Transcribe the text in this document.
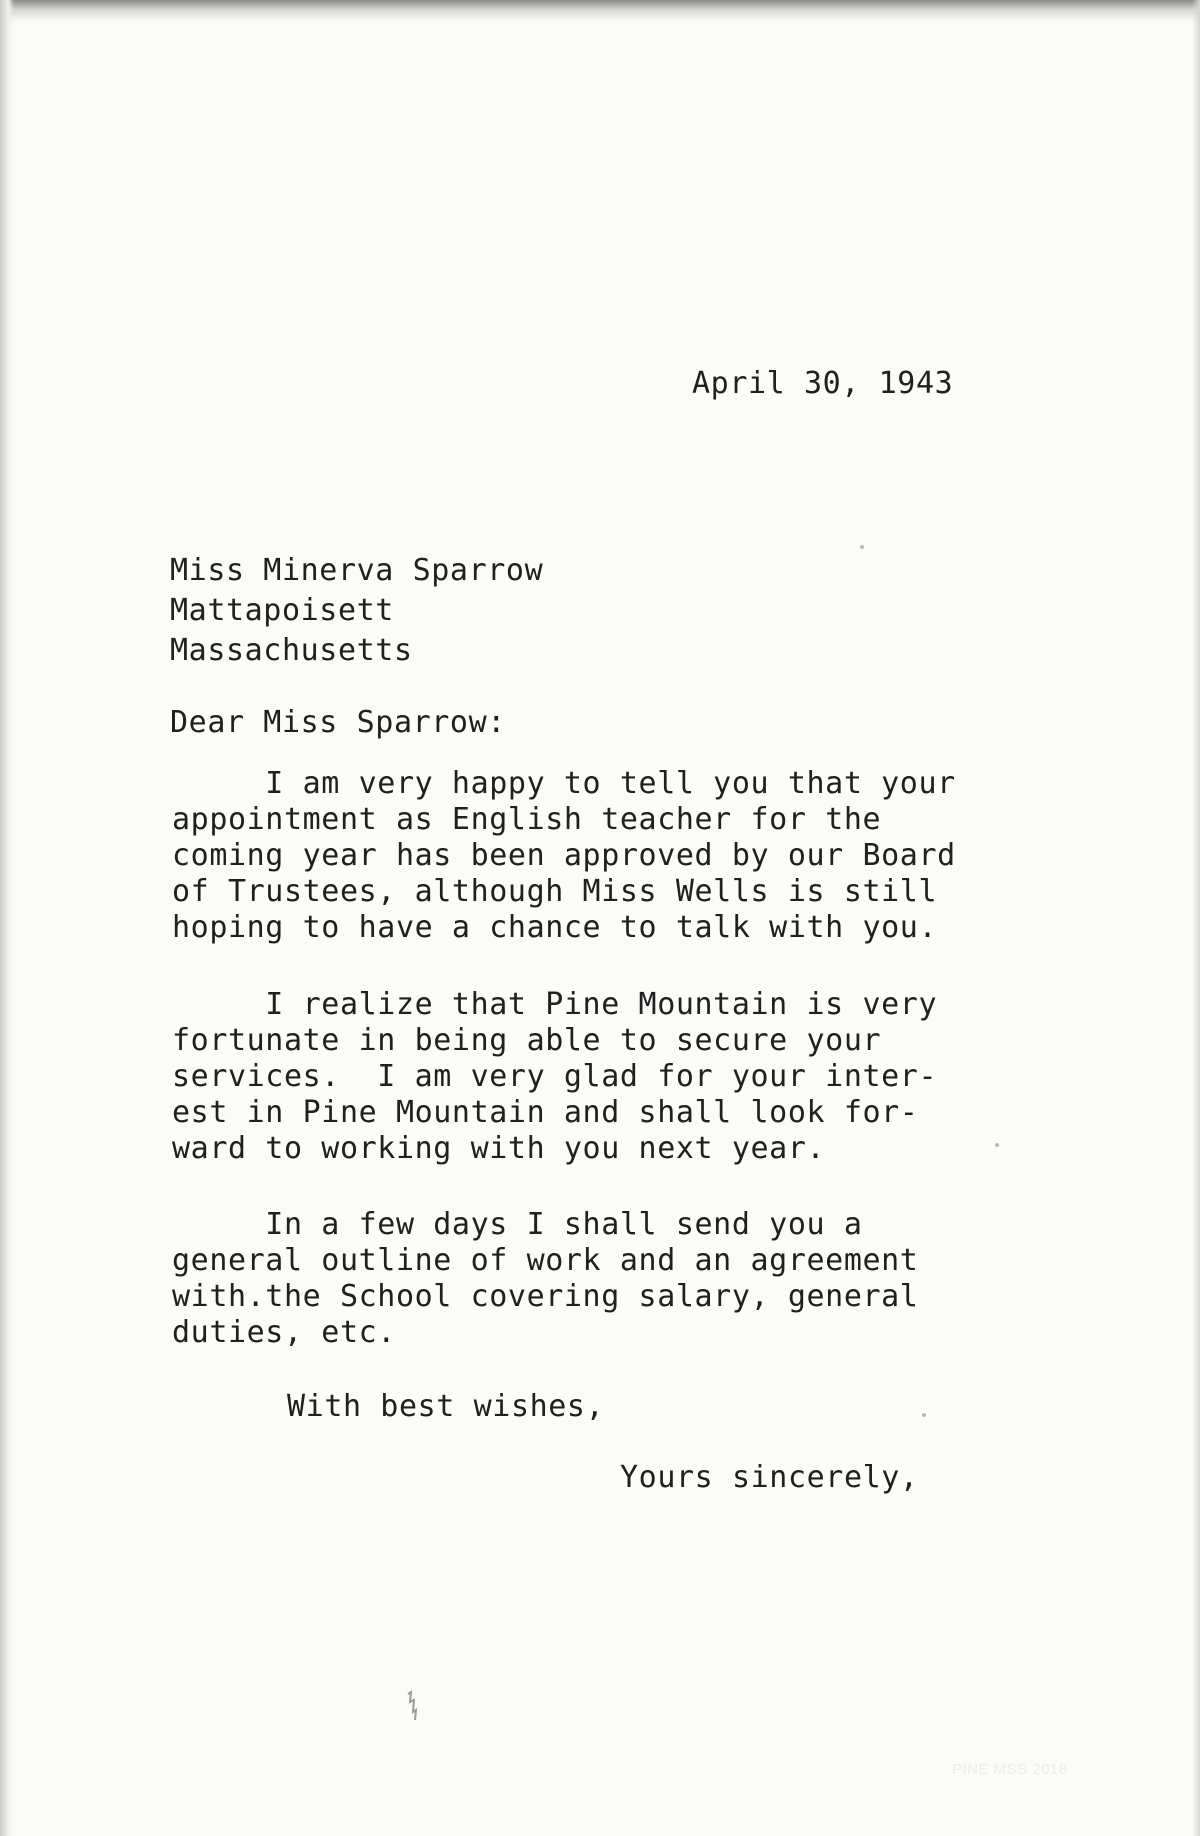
April 30, 1943
Miss Minerva Sparrow
Mattapoisett
Massachusetts
Dear Miss Sparrow:
I am very happy to tell you that your
appointment as English teacher for the
coming year has been approved by our Board
of Trustees, although Miss Wells is still
hoping to have a chance to talk with you.
I realize that Pine Mountain is very
fortunate in being able to secure your
services.  I am very glad for your inter-
est in Pine Mountain and shall look for-
ward to working with you next year.
In a few days I shall send you a
general outline of work and an agreement
with.the School covering salary, general
duties, etc.
With best wishes,
Yours sincerely,
PINE MSS 2018
